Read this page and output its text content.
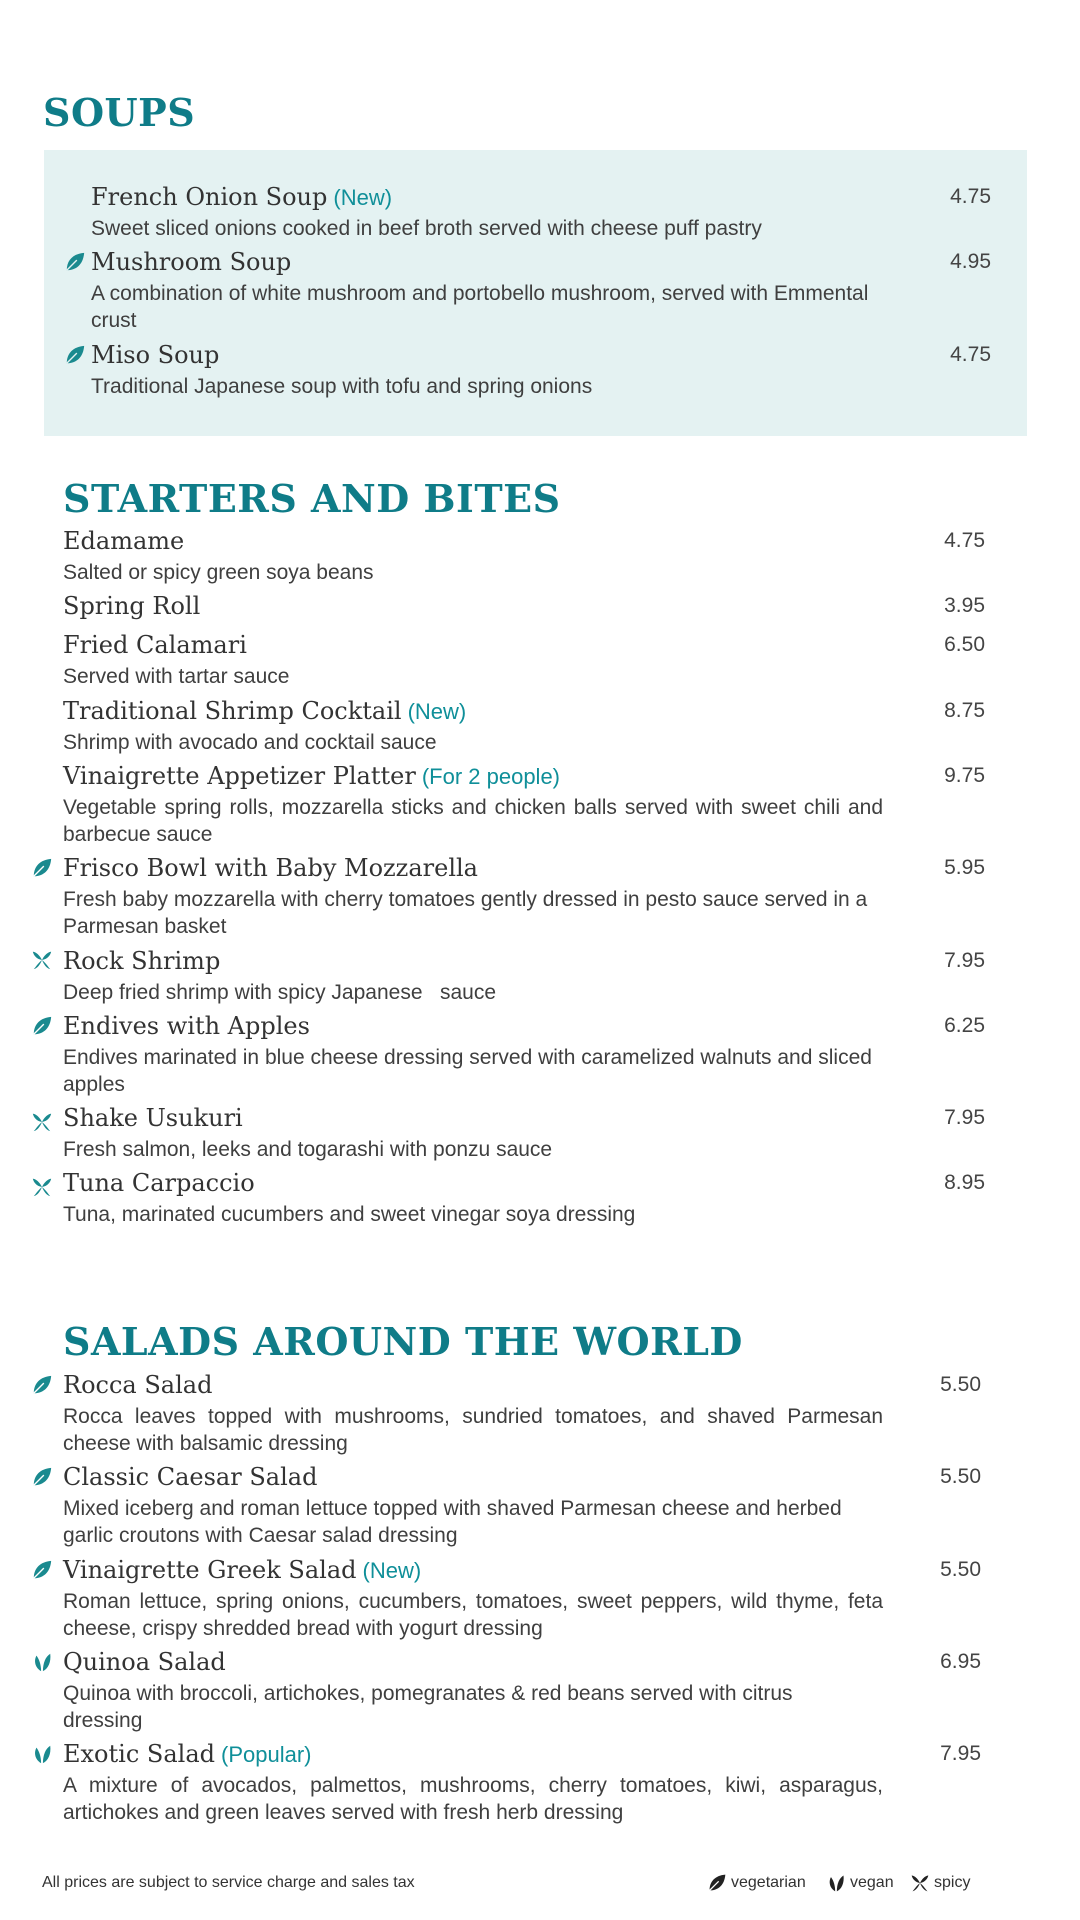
SOUPS
French Onion Soup (New)

Sweet sliced onions cooked in beef broth served with cheese puff pastry

4.75
Mushroom Soup

A combination of white mushroom and portobello mushroom, served with Emmental crust

4.95
Miso Soup

Traditional Japanese soup with tofu and spring onions

4.75
STARTERS AND BITES
Edamame

Salted or spicy green soya beans

4.75
Spring Roll	3.95
Fried Calamari

Served with tartar sauce

6.50
Traditional Shrimp Cocktail (New)

Shrimp with avocado and cocktail sauce

8.75
Vinaigrette Appetizer Platter (For 2 people)

Vegetable spring rolls, mozzarella sticks and chicken balls served with sweet chili and barbecue sauce

9.75
Frisco Bowl with Baby Mozzarella

Fresh baby mozzarella with cherry tomatoes gently dressed in pesto sauce served in a Parmesan basket

5.95
Rock Shrimp

Deep fried shrimp with spicy Japanese   sauce

7.95
Endives with Apples

Endives marinated in blue cheese dressing served with caramelized walnuts and sliced apples

6.25
Shake Usukuri

Fresh salmon, leeks and togarashi with ponzu sauce

7.95
Tuna Carpaccio

Tuna, marinated cucumbers and sweet vinegar soya dressing

8.95
SALADS AROUND THE WORLD
Rocca Salad

Rocca leaves topped with mushrooms, sundried tomatoes, and shaved Parmesan cheese with balsamic dressing

5.50
Classic Caesar Salad

Mixed iceberg and roman lettuce topped with shaved Parmesan cheese and herbed garlic croutons with Caesar salad dressing

5.50
Vinaigrette Greek Salad (New)

Roman lettuce, spring onions, cucumbers, tomatoes, sweet peppers, wild thyme, feta cheese, crispy shredded bread with yogurt dressing

5.50
Quinoa Salad

Quinoa with broccoli, artichokes, pomegranates & red beans served with citrus dressing

6.95
Exotic Salad (Popular)

A mixture of avocados, palmettos, mushrooms, cherry tomatoes, kiwi, asparagus, artichokes and green leaves served with fresh herb dressing

7.95
All prices are subject to service charge and sales tax	vegetarian	vegan	spicy
